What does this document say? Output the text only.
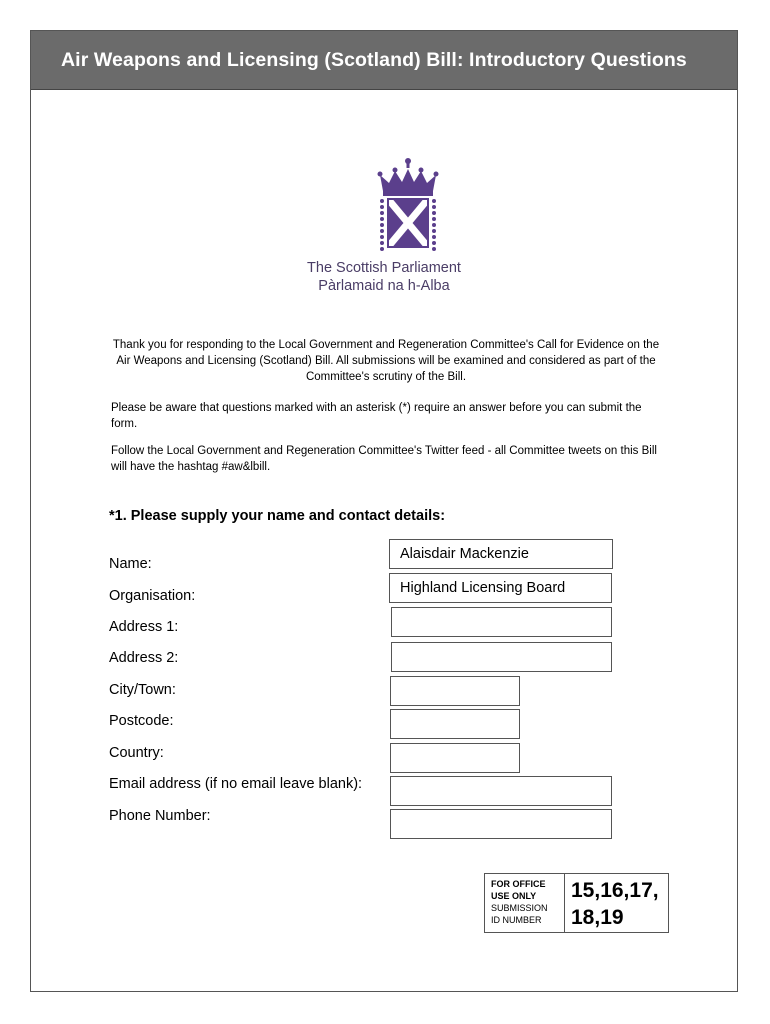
Air Weapons and Licensing (Scotland) Bill: Introductory Questions
The Scottish Parliament
Pàrlamaid na h-Alba

Thank you for responding to the Local Government and Regeneration Committee's Call for Evidence on the Air Weapons and Licensing (Scotland) Bill. All submissions will be examined and considered as part of the Committee's scrutiny of the Bill.

Please be aware that questions marked with an asterisk (*) require an answer before you can submit the form.

Follow the Local Government and Regeneration Committee's Twitter feed - all Committee tweets on this Bill will have the hashtag #aw&lbill.

*1. Please supply your name and contact details:
Name:
Alaisdair Mackenzie
Organisation:	Highland Licensing Board
Address 1:
Address 2:
City/Town:
Postcode:
Country:
Email address (if no email leave blank):
Phone Number:
FOR OFFICE
USE ONLY
SUBMISSION
ID NUMBER
15,16,17,
18,19
